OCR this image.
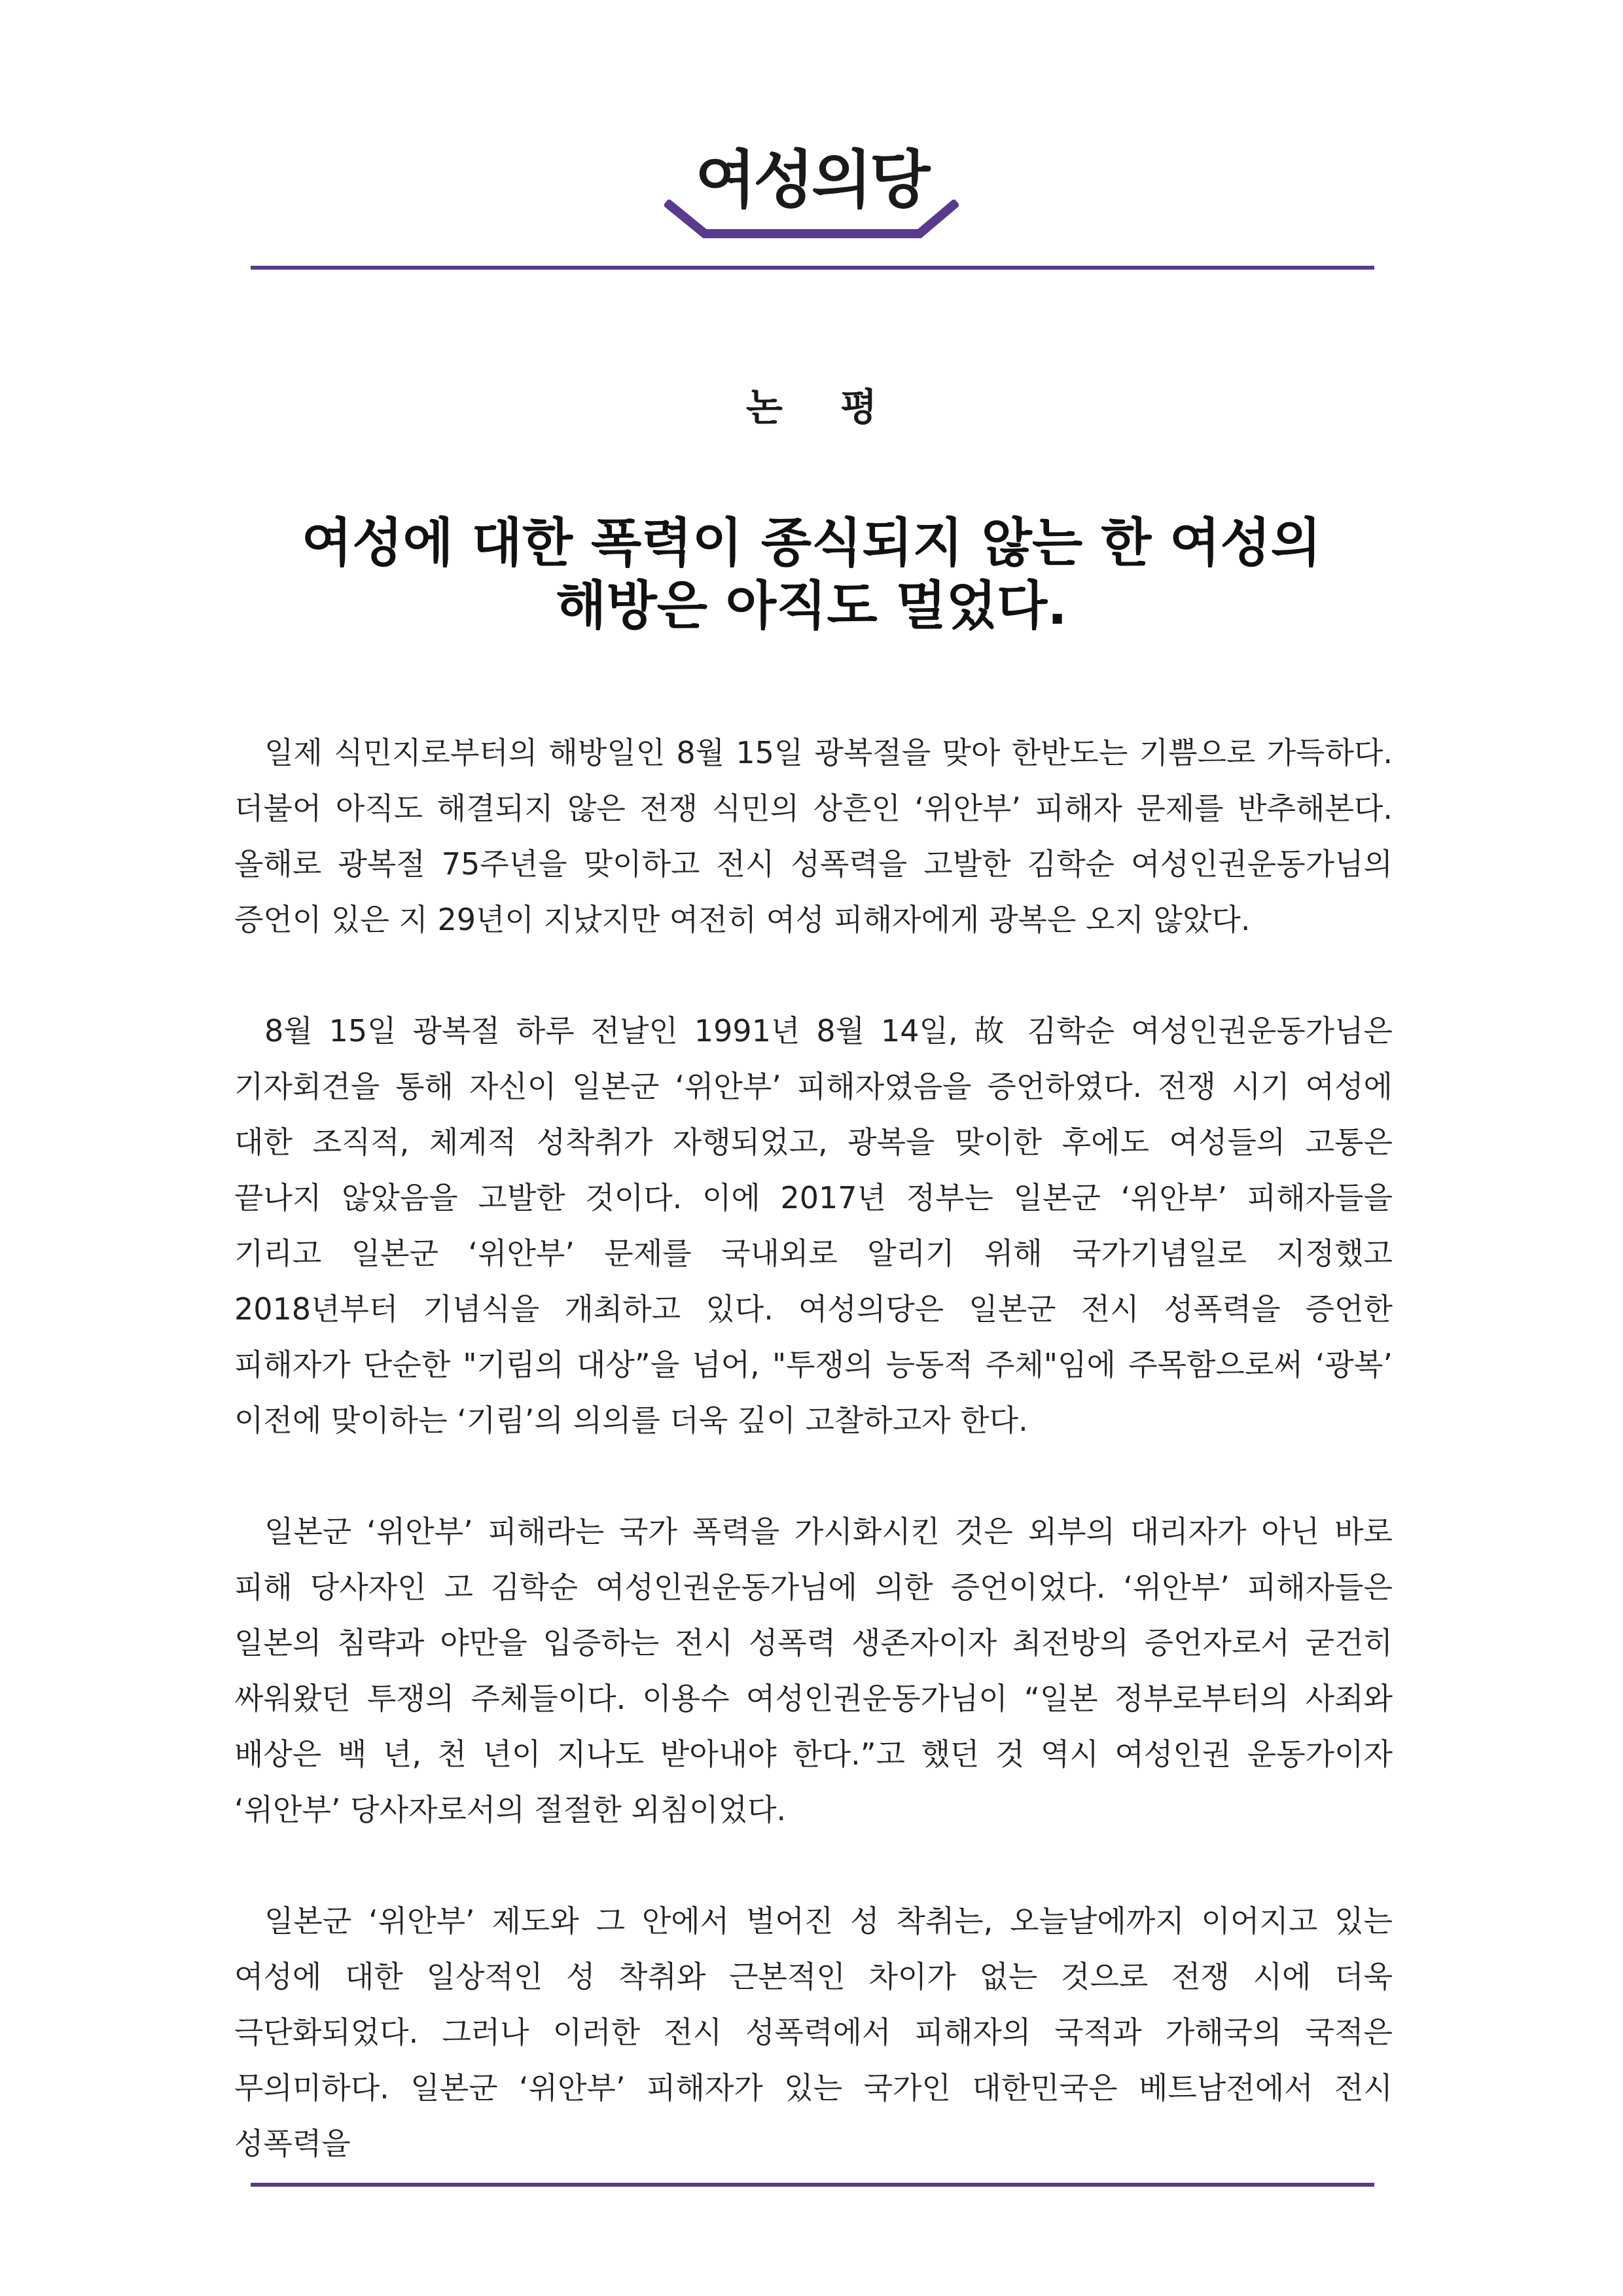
여성의당
논 평
여성에 대한 폭력이 종식되지 않는 한 여성의
해방은 아직도 멀었다.

일제 식민지로부터의 해방일인 8월 15일 광복절을 맞아 한반도는 기쁨으로 가득하다. 더불어 아직도 해결되지 않은 전쟁 식민의 상흔인 ‘위안부’ 피해자 문제를 반추해본다. 올해로 광복절 75주년을 맞이하고 전시 성폭력을 고발한 김학순 여성인권운동가님의 증언이 있은 지 29년이 지났지만 여전히 여성 피해자에게 광복은 오지 않았다.

8월 15일 광복절 하루 전날인 1991년 8월 14일, 故 김학순 여성인권운동가님은 기자회견을 통해 자신이 일본군 ‘위안부’ 피해자였음을 증언하였다. 전쟁 시기 여성에 대한 조직적, 체계적 성착취가 자행되었고, 광복을 맞이한 후에도 여성들의 고통은 끝나지 않았음을 고발한 것이다. 이에 2017년 정부는 일본군 ‘위안부’ 피해자들을 기리고 일본군 ‘위안부’ 문제를 국내외로 알리기 위해 국가기념일로 지정했고 2018년부터 기념식을 개최하고 있다. 여성의당은 일본군 전시 성폭력을 증언한 피해자가 단순한 "기림의 대상”을 넘어, "투쟁의 능동적 주체"임에 주목함으로써 ‘광복’ 이전에 맞이하는 ‘기림’의 의의를 더욱 깊이 고찰하고자 한다.

일본군 ‘위안부’ 피해라는 국가 폭력을 가시화시킨 것은 외부의 대리자가 아닌 바로 피해 당사자인 고 김학순 여성인권운동가님에 의한 증언이었다. ‘위안부’ 피해자들은 일본의 침략과 야만을 입증하는 전시 성폭력 생존자이자 최전방의 증언자로서 굳건히 싸워왔던 투쟁의 주체들이다. 이용수 여성인권운동가님이 “일본 정부로부터의 사죄와 배상은 백 년, 천 년이 지나도 받아내야 한다.”고 했던 것 역시 여성인권 운동가이자 ‘위안부’ 당사자로서의 절절한 외침이었다.

일본군 ‘위안부’ 제도와 그 안에서 벌어진 성 착취는, 오늘날에까지 이어지고 있는 여성에 대한 일상적인 성 착취와 근본적인 차이가 없는 것으로 전쟁 시에 더욱 극단화되었다. 그러나 이러한 전시 성폭력에서 피해자의 국적과 가해국의 국적은 무의미하다. 일본군 ‘위안부’ 피해자가 있는 국가인 대한민국은 베트남전에서 전시 성폭력을
